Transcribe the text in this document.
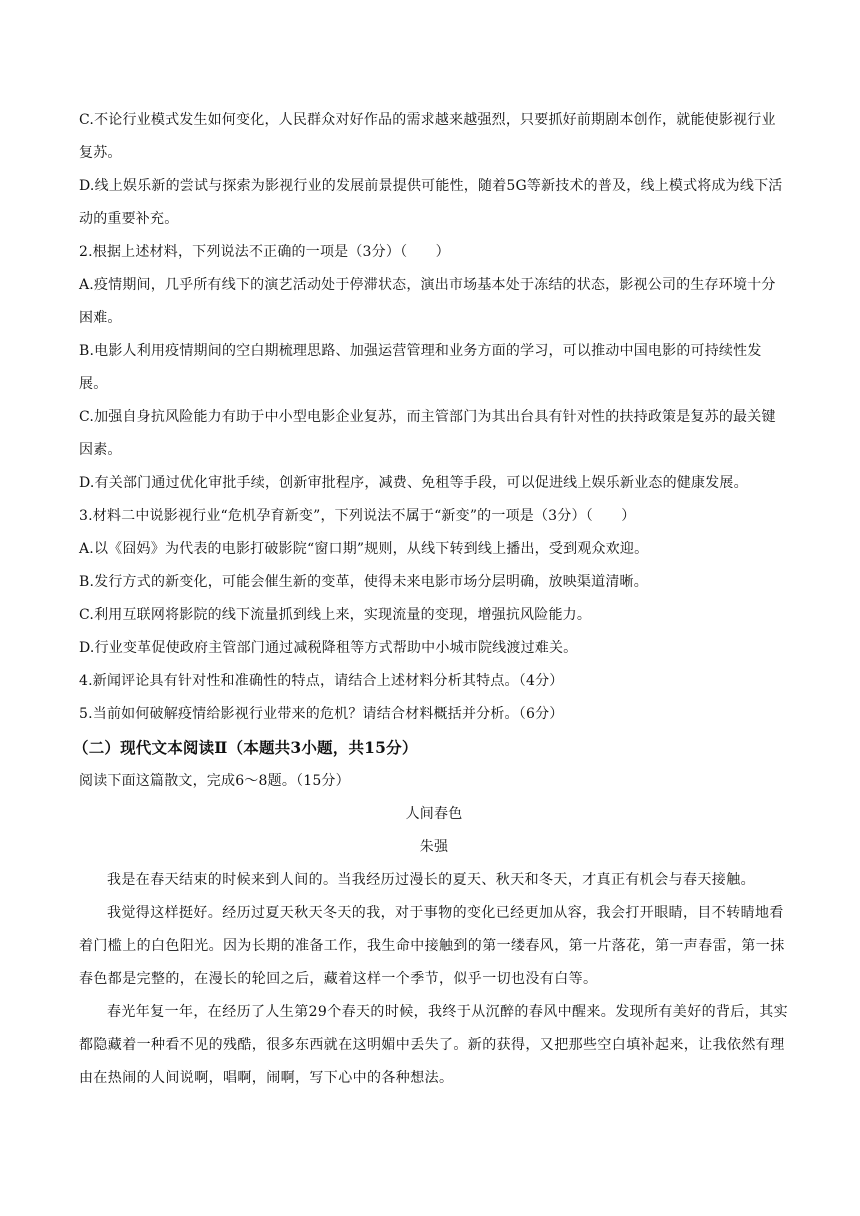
C.不论行业模式发生如何变化，人民群众对好作品的需求越来越强烈，只要抓好前期剧本创作，就能使影视行业复苏。

D.线上娱乐新的尝试与探索为影视行业的发展前景提供可能性，随着5G等新技术的普及，线上模式将成为线下活动的重要补充。

2.根据上述材料，下列说法不正确的一项是（3分）（　　）

A.疫情期间，几乎所有线下的演艺活动处于停滞状态，演出市场基本处于冻结的状态，影视公司的生存环境十分困难。

B.电影人利用疫情期间的空白期梳理思路、加强运营管理和业务方面的学习，可以推动中国电影的可持续性发展。

C.加强自身抗风险能力有助于中小型电影企业复苏，而主管部门为其出台具有针对性的扶持政策是复苏的最关键因素。

D.有关部门通过优化审批手续，创新审批程序，减费、免租等手段，可以促进线上娱乐新业态的健康发展。

3.材料二中说影视行业“危机孕育新变”，下列说法不属于“新变”的一项是（3分）（　　）

A.以《囧妈》为代表的电影打破影院“窗口期”规则，从线下转到线上播出，受到观众欢迎。

B.发行方式的新变化，可能会催生新的变革，使得未来电影市场分层明确，放映渠道清晰。

C.利用互联网将影院的线下流量抓到线上来，实现流量的变现，增强抗风险能力。

D.行业变革促使政府主管部门通过减税降租等方式帮助中小城市院线渡过难关。

4.新闻评论具有针对性和准确性的特点，请结合上述材料分析其特点。（4分）

5.当前如何破解疫情给影视行业带来的危机？请结合材料概括并分析。（6分）

（二）现代文本阅读Ⅱ（本题共3小题，共15分）

阅读下面这篇散文，完成6～8题。（15分）

人间春色

朱强

我是在春天结束的时候来到人间的。当我经历过漫长的夏天、秋天和冬天，才真正有机会与春天接触。

我觉得这样挺好。经历过夏天秋天冬天的我，对于事物的变化已经更加从容，我会打开眼睛，目不转睛地看着门槛上的白色阳光。因为长期的准备工作，我生命中接触到的第一缕春风，第一片落花，第一声春雷，第一抹春色都是完整的，在漫长的轮回之后，藏着这样一个季节，似乎一切也没有白等。

春光年复一年，在经历了人生第29个春天的时候，我终于从沉醉的春风中醒来。发现所有美好的背后，其实都隐藏着一种看不见的残酷，很多东西就在这明媚中丢失了。新的获得，又把那些空白填补起来，让我依然有理由在热闹的人间说啊，唱啊，闹啊，写下心中的各种想法。
